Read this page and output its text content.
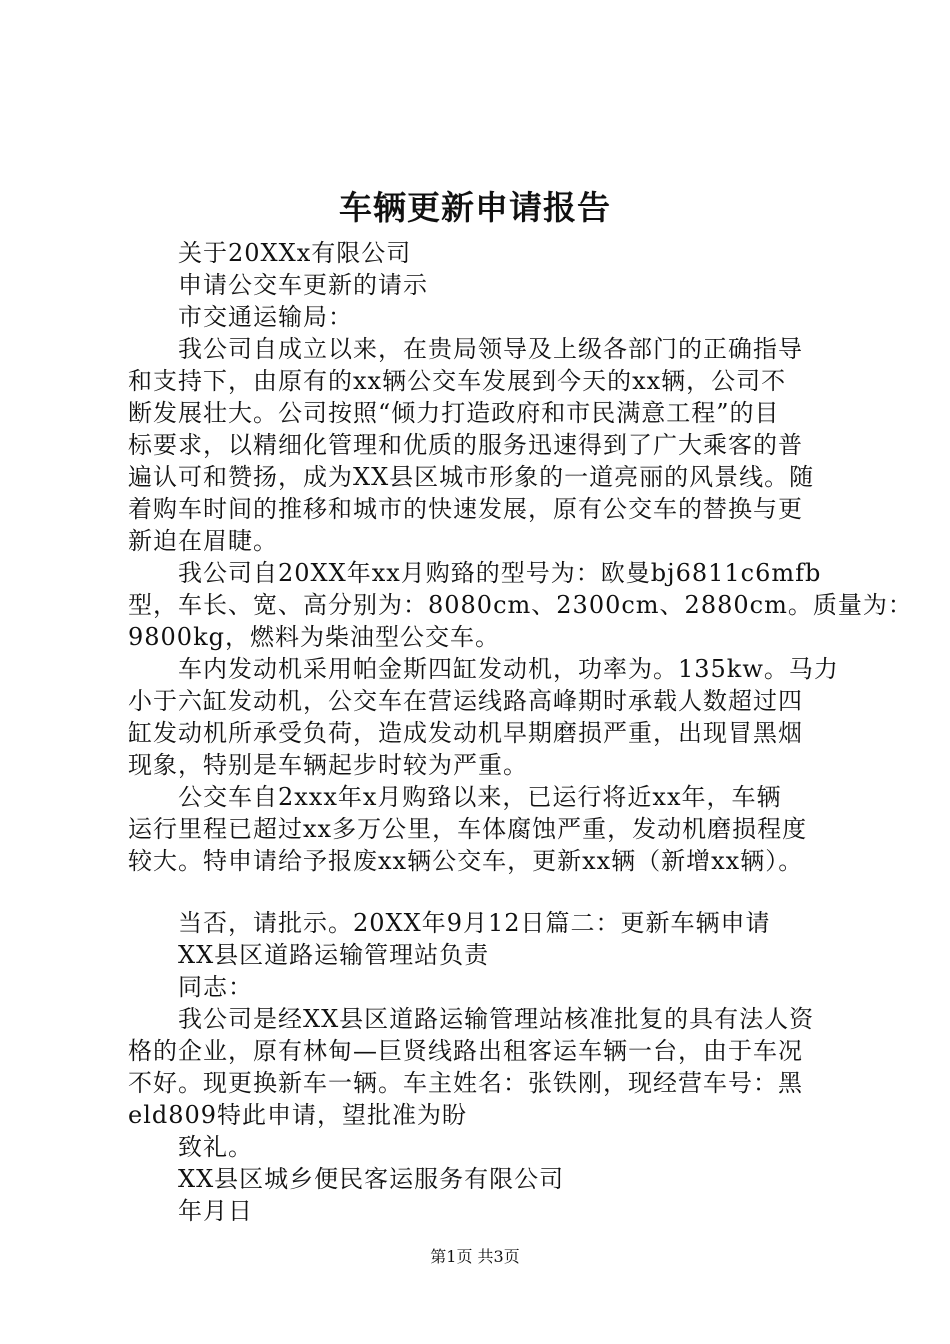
车辆更新申请报告
关于20XXx有限公司
申请公交车更新的请示
市交通运输局：
我公司自成立以来，在贵局领导及上级各部门的正确指导
和支持下，由原有的xx辆公交车发展到今天的xx辆，公司不
断发展壮大。公司按照“倾力打造政府和市民满意工程”的目
标要求，以精细化管理和优质的服务迅速得到了广大乘客的普
遍认可和赞扬，成为XX县区城市形象的一道亮丽的风景线。随
着购车时间的推移和城市的快速发展，原有公交车的替换与更
新迫在眉睫。
我公司自20XX年xx月购臵的型号为：欧曼bj6811c6mfb
型，车长、宽、高分别为：8080cm、2300cm、2880cm。质量为：
9800kg，燃料为柴油型公交车。
车内发动机采用帕金斯四缸发动机，功率为。135kw。马力
小于六缸发动机，公交车在营运线路高峰期时承载人数超过四
缸发动机所承受负荷，造成发动机早期磨损严重，出现冒黑烟
现象，特别是车辆起步时较为严重。
公交车自2xxx年x月购臵以来，已运行将近xx年，车辆
运行里程已超过xx多万公里，车体腐蚀严重，发动机磨损程度
较大。特申请给予报废xx辆公交车，更新xx辆（新增xx辆）。
当否，请批示。20XX年9月12日篇二：更新车辆申请
XX县区道路运输管理站负责
同志：
我公司是经XX县区道路运输管理站核准批复的具有法人资
格的企业，原有林甸—巨贤线路出租客运车辆一台，由于车况
不好。现更换新车一辆。车主姓名：张铁刚，现经营车号：黑
eld809特此申请，望批准为盼
致礼。
XX县区城乡便民客运服务有限公司
年月日
第1页 共3页
